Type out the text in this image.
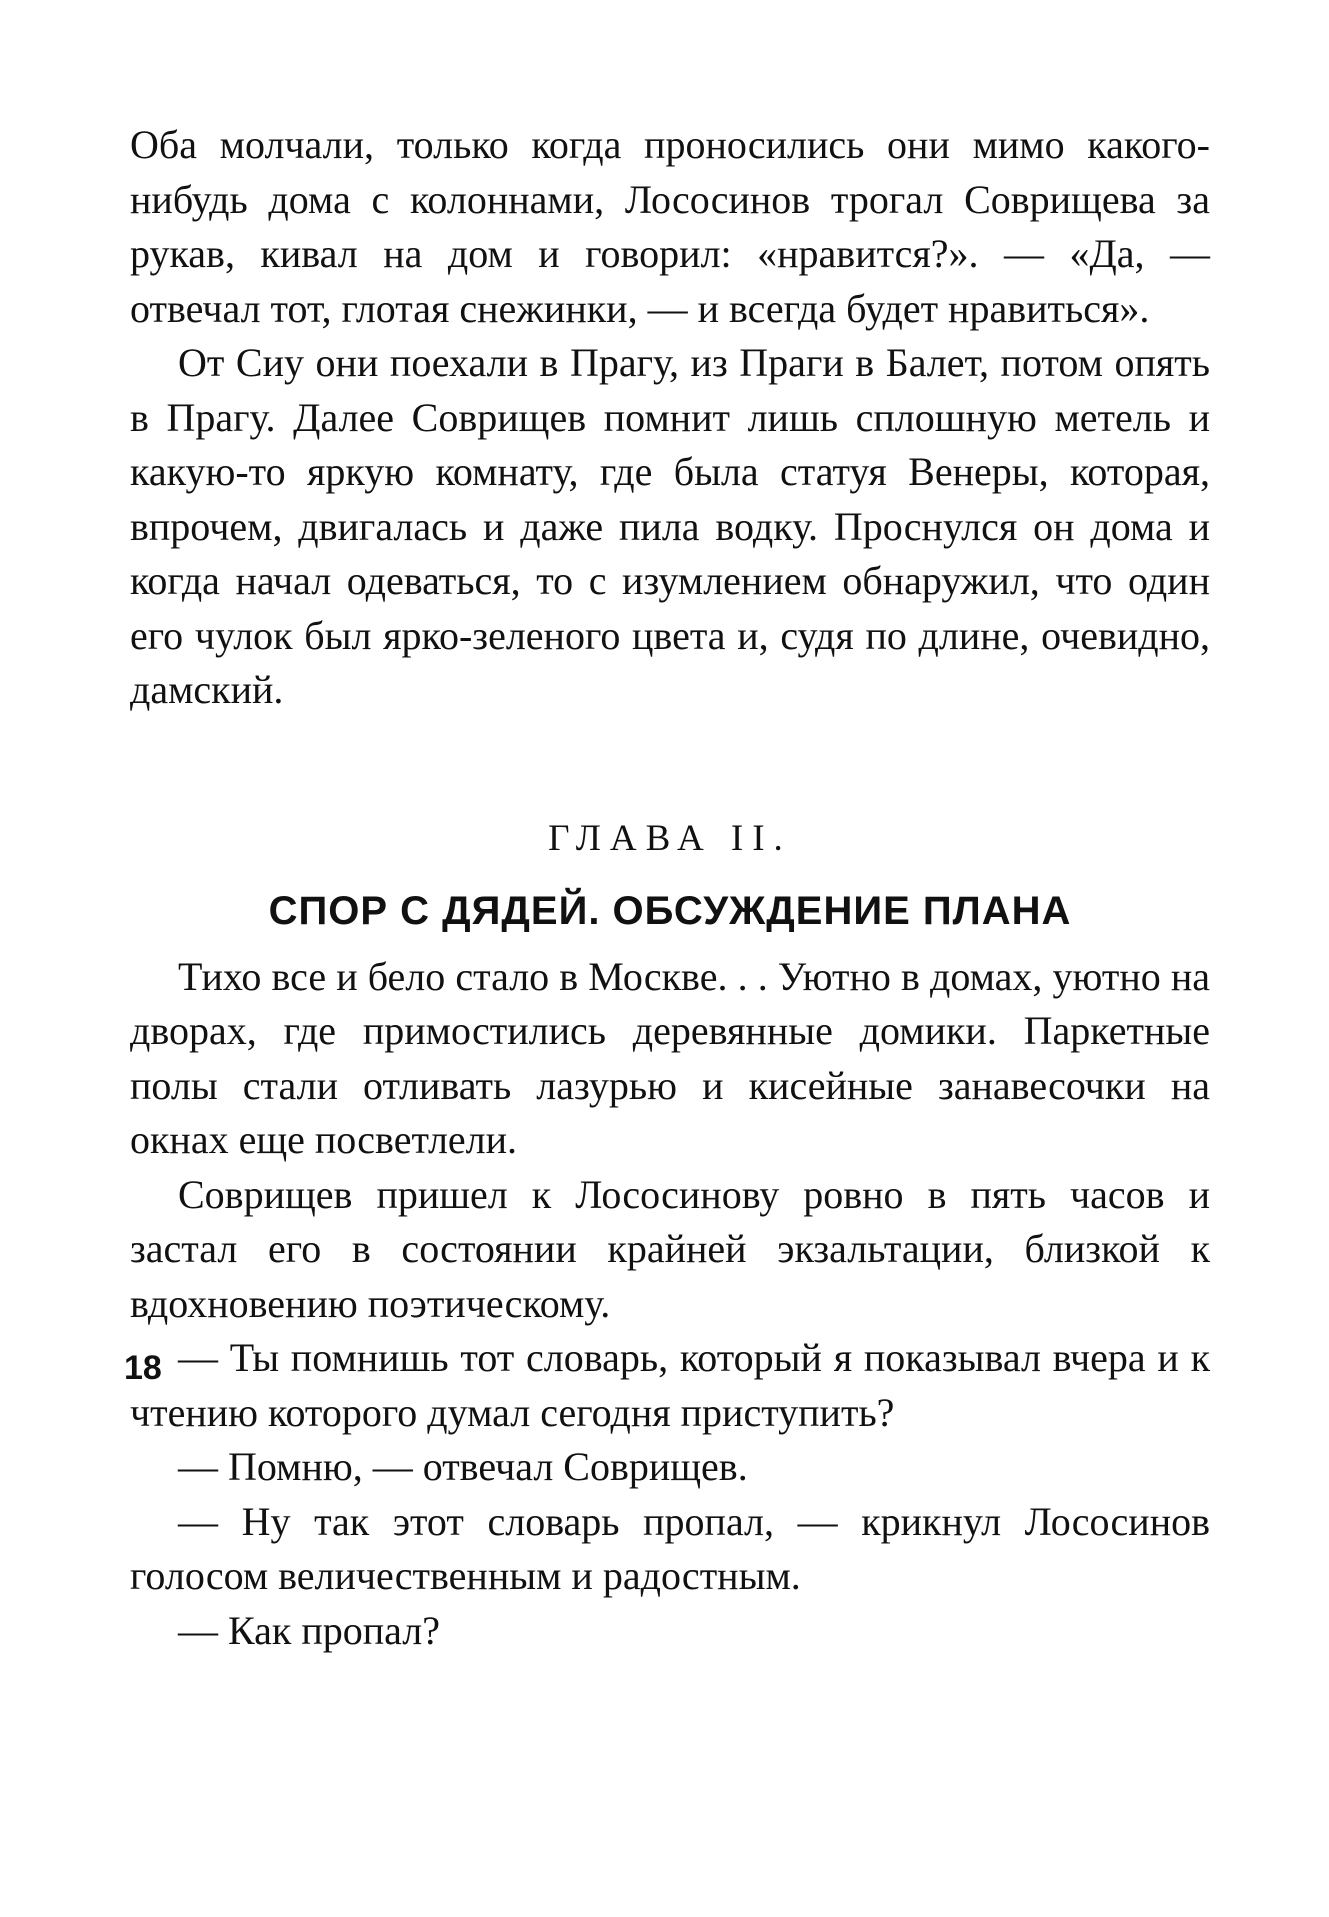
Оба молчали, только когда проносились они мимо какого-нибудь дома с колоннами, Лососинов трогал Соврищева за рукав, кивал на дом и говорил: «нравится?». — «Да, — отвечал тот, глотая снежинки, — и всегда будет нравиться».

От Сиу они поехали в Прагу, из Праги в Балет, потом опять в Прагу. Далее Соврищев помнит лишь сплошную метель и какую-то яркую комнату, где была статуя Венеры, которая, впрочем, двигалась и даже пила водку. Проснулся он дома и когда начал одеваться, то с изумлением обнаружил, что один его чулок был ярко-зеленого цвета и, судя по длине, очевидно, дамский.

ГЛАВА II.
СПОР С ДЯДЕЙ. ОБСУЖДЕНИЕ ПЛАНА

Тихо все и бело стало в Москве. . . Уютно в домах, уютно на дворах, где примостились деревянные домики. Паркетные полы стали отливать лазурью и кисейные занавесочки на окнах еще посветлели.

Соврищев пришел к Лососинову ровно в пять часов и застал его в состоянии крайней экзальтации, близкой к вдохновению поэтическому.

— Ты помнишь тот словарь, который я показывал вчера и к чтению которого думал сегодня приступить?

— Помню, — отвечал Соврищев.

— Ну так этот словарь пропал, — крикнул Лососинов голосом величественным и радостным.

— Как пропал?

18
